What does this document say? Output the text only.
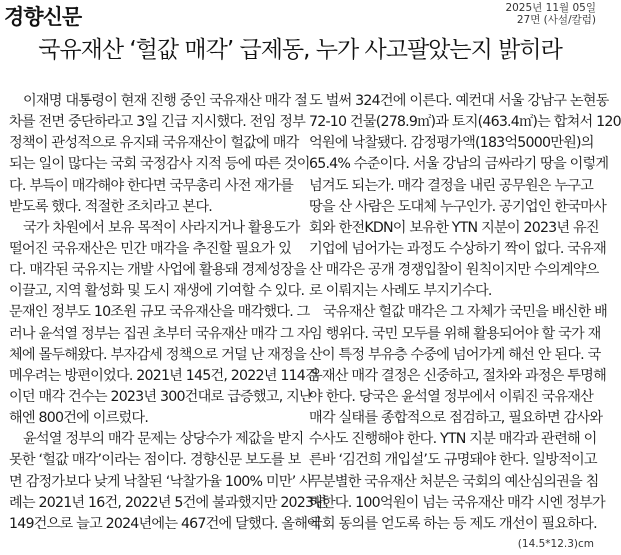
경향신문	2025년 11월 05일
27면 (사설/칼럼)
국유재산 ‘헐값 매각’ 급제동, 누가 사고팔았는지 밝히라
이재명 대통령이 현재 진행 중인 국유재산 매각 절
차를 전면 중단하라고 3일 긴급 지시했다. 전임 정부
정책이 관성적으로 유지돼 국유재산이 헐값에 매각
되는 일이 많다는 국회 국정감사 지적 등에 따른 것이
다. 부득이 매각해야 한다면 국무총리 사전 재가를
받도록 했다. 적절한 조치라고 본다.
국가 차원에서 보유 목적이 사라지거나 활용도가
떨어진 국유재산은 민간 매각을 추진할 필요가 있
다. 매각된 국유지는 개발 사업에 활용돼 경제성장을
이끌고, 지역 활성화 및 도시 재생에 기여할 수 있다.
문재인 정부도 10조원 규모 국유재산을 매각했다. 그
러나 윤석열 정부는 집권 초부터 국유재산 매각 그 자
체에 몰두해왔다. 부자감세 정책으로 거덜 난 재정을
메우려는 방편이었다. 2021년 145건, 2022년 114건
이던 매각 건수는 2023년 300건대로 급증했고, 지난
해엔 800건에 이르렀다.
윤석열 정부의 매각 문제는 상당수가 제값을 받지
못한 ‘헐값 매각’이라는 점이다. 경향신문 보도를 보
면 감정가보다 낮게 낙찰된 ‘낙찰가율 100% 미만’ 사
례는 2021년 16건, 2022년 5건에 불과했지만 2023년
149건으로 늘고 2024년에는 467건에 달했다. 올해에
도 벌써 324건에 이른다. 예컨대 서울 강남구 논현동
72-10 건물(278.9㎡)과 토지(463.4㎡)는 합쳐서 120
억원에 낙찰됐다. 감정평가액(183억5000만원)의
65.4% 수준이다. 서울 강남의 금싸라기 땅을 이렇게
넘겨도 되는가. 매각 결정을 내린 공무원은 누구고
땅을 산 사람은 도대체 누구인가. 공기업인 한국마사
회와 한전KDN이 보유한 YTN 지분이 2023년 유진
기업에 넘어가는 과정도 수상하기 짝이 없다. 국유재
산 매각은 공개 경쟁입찰이 원칙이지만 수의계약으
로 이뤄지는 사례도 부지기수다.
국유재산 헐값 매각은 그 자체가 국민을 배신한 배
임 행위다. 국민 모두를 위해 활용되어야 할 국가 재
산이 특정 부유층 수중에 넘어가게 해선 안 된다. 국
유재산 매각 결정은 신중하고, 절차와 과정은 투명해
야 한다. 당국은 윤석열 정부에서 이뤄진 국유재산
매각 실태를 종합적으로 점검하고, 필요하면 감사와
수사도 진행해야 한다. YTN 지분 매각과 관련해 이
른바 ‘김건희 개입설’도 규명돼야 한다. 일방적이고
무분별한 국유재산 처분은 국회의 예산심의권을 침
해한다. 100억원이 넘는 국유재산 매각 시엔 정부가
국회 동의를 얻도록 하는 등 제도 개선이 필요하다.
(14.5*12.3)cm
